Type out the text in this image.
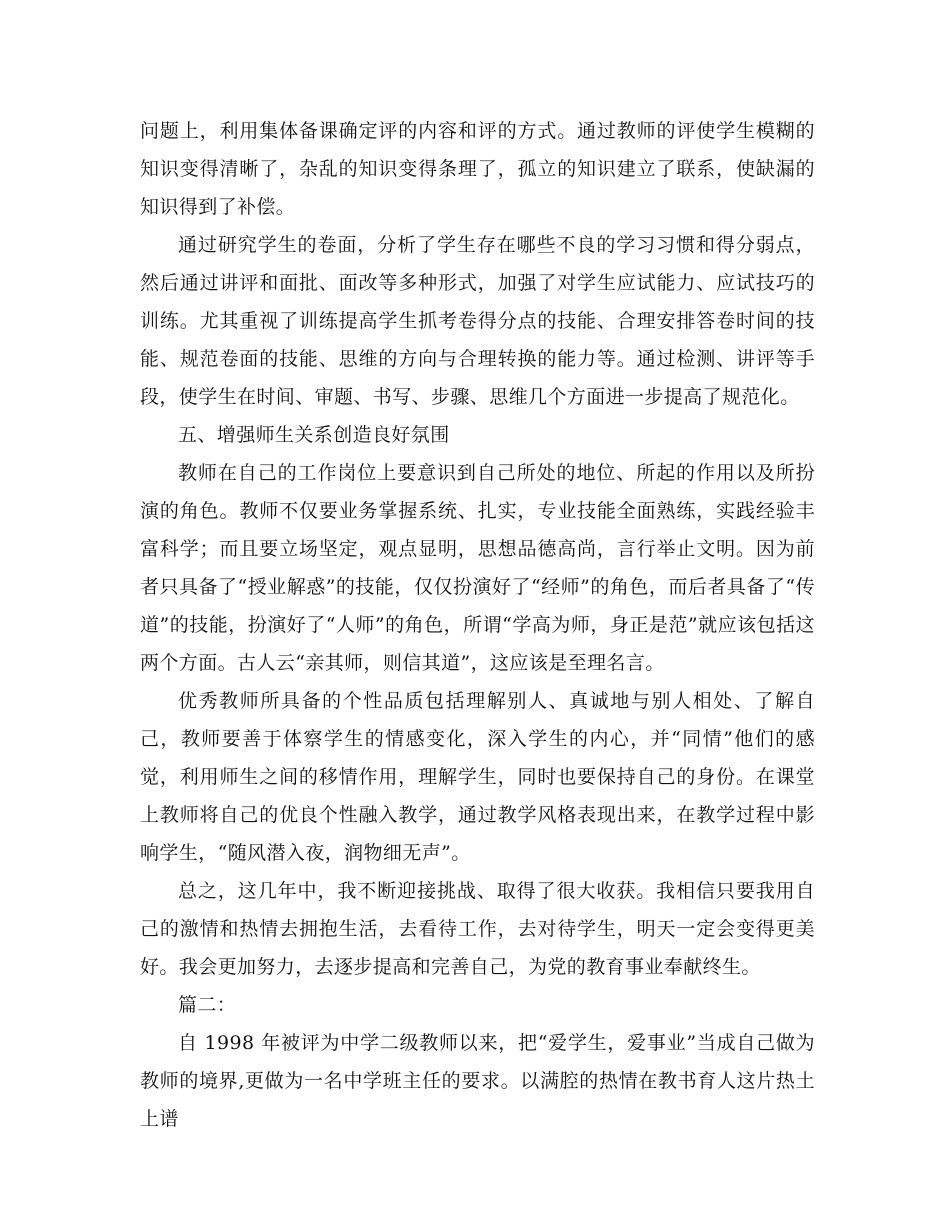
问题上，利用集体备课确定评的内容和评的方式。通过教师的评使学生模糊的知识变得清晰了，杂乱的知识变得条理了，孤立的知识建立了联系，使缺漏的知识得到了补偿。

通过研究学生的卷面，分析了学生存在哪些不良的学习习惯和得分弱点，然后通过讲评和面批、面改等多种形式，加强了对学生应试能力、应试技巧的训练。尤其重视了训练提高学生抓考卷得分点的技能、合理安排答卷时间的技能、规范卷面的技能、思维的方向与合理转换的能力等。通过检测、讲评等手段，使学生在时间、审题、书写、步骤、思维几个方面进一步提高了规范化。

五、增强师生关系创造良好氛围

教师在自己的工作岗位上要意识到自己所处的地位、所起的作用以及所扮演的角色。教师不仅要业务掌握系统、扎实，专业技能全面熟练，实践经验丰富科学；而且要立场坚定，观点显明，思想品德高尚，言行举止文明。因为前者只具备了“授业解惑”的技能，仅仅扮演好了“经师”的角色，而后者具备了“传道”的技能，扮演好了“人师”的角色，所谓“学高为师，身正是范”就应该包括这两个方面。古人云“亲其师，则信其道”，这应该是至理名言。

优秀教师所具备的个性品质包括理解别人、真诚地与别人相处、了解自己，教师要善于体察学生的情感变化，深入学生的内心，并“同情”他们的感觉，利用师生之间的移情作用，理解学生，同时也要保持自己的身份。在课堂上教师将自己的优良个性融入教学，通过教学风格表现出来，在教学过程中影响学生，“随风潜入夜，润物细无声”。

总之，这几年中，我不断迎接挑战、取得了很大收获。我相信只要我用自己的激情和热情去拥抱生活，去看待工作，去对待学生，明天一定会变得更美好。我会更加努力，去逐步提高和完善自己，为党的教育事业奉献终生。

篇二：

自 1998 年被评为中学二级教师以来，把“爱学生，爱事业”当成自己做为教师的境界,更做为一名中学班主任的要求。以满腔的热情在教书育人这片热土上谱
